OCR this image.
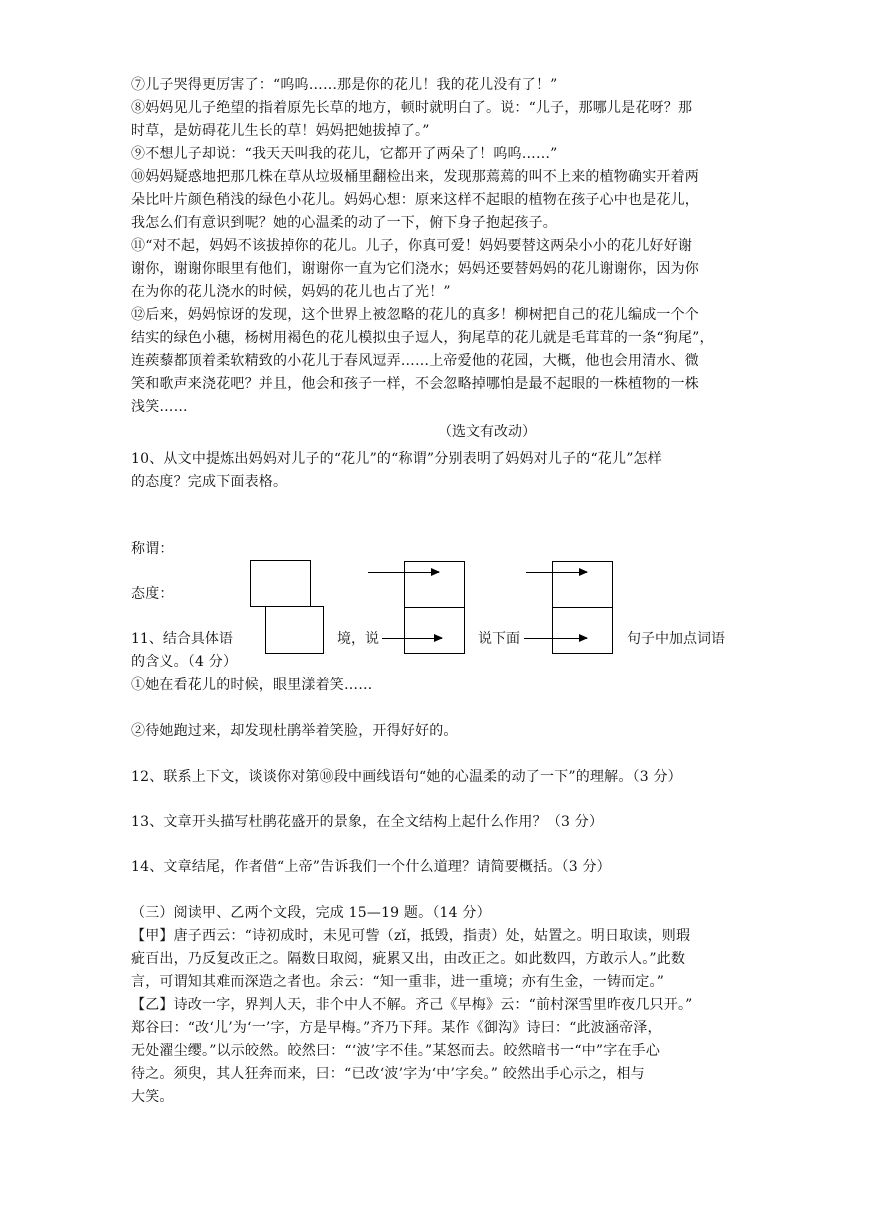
⑦儿子哭得更厉害了：“呜呜……那是你的花儿！我的花儿没有了！”
⑧妈妈见儿子绝望的指着原先长草的地方，顿时就明白了。说：“儿子，那哪儿是花呀？那
时草，是妨碍花儿生长的草！妈妈把她拔掉了。”
⑨不想儿子却说：“我天天叫我的花儿，它都开了两朵了！呜呜……”
⑩妈妈疑惑地把那几株在草从垃圾桶里翻检出来，发现那蔫蔫的叫不上来的植物确实开着两
朵比叶片颜色稍浅的绿色小花儿。妈妈心想：原来这样不起眼的植物在孩子心中也是花儿，
我怎么们有意识到呢？她的心温柔的动了一下，俯下身子抱起孩子。
⑪“对不起，妈妈不该拔掉你的花儿。儿子，你真可爱！妈妈要替这两朵小小的花儿好好谢
谢你，谢谢你眼里有他们，谢谢你一直为它们浇水；妈妈还要替妈妈的花儿谢谢你，因为你
在为你的花儿浇水的时候，妈妈的花儿也占了光！”
⑫后来，妈妈惊讶的发现，这个世界上被忽略的花儿的真多！柳树把自己的花儿编成一个个
结实的绿色小穗，杨树用褐色的花儿模拟虫子逗人，狗尾草的花儿就是毛茸茸的一条“狗尾”，
连蒺藜都顶着柔软精致的小花儿于春风逗弄……上帝爱他的花园，大概，他也会用清水、微
笑和歌声来浇花吧？并且，他会和孩子一样，不会忽略掉哪怕是最不起眼的一株植物的一株
浅笑……
（选文有改动）
10、从文中提炼出妈妈对儿子的“花儿”的“称谓”分别表明了妈妈对儿子的“花儿”怎样
的态度？完成下面表格。
称谓：
态度：
11、结合具体语	境，说	说下面	句子中加点词语
的含义。（4 分）
①她在看花儿的时候，眼里漾着笑……
②待她跑过来，却发现杜鹃举着笑脸，开得好好的。
12、联系上下文，谈谈你对第⑩段中画线语句“她的心温柔的动了一下”的理解。（3 分）
13、文章开头描写杜鹃花盛开的景象，在全文结构上起什么作用？（3 分）
14、文章结尾，作者借“上帝”告诉我们一个什么道理？请简要概括。（3 分）
（三）阅读甲、乙两个文段，完成 15—19 题。（14 分）
【甲】唐子西云：“诗初成时，未见可訾（zǐ，抵毁，指责）处，姑置之。明日取读，则瑕
疵百出，乃反复改正之。隔数日取阅，疵累又出，由改正之。如此数四，方敢示人。”此数
言，可谓知其难而深造之者也。余云：“知一重非，进一重境；亦有生金，一铸而定。”
【乙】诗改一字，界判人天，非个中人不解。齐己《早梅》云：“前村深雪里昨夜几只开。”
郑谷曰：“改‘儿’为‘一’字，方是早梅。”齐乃下拜。某作《御沟》诗曰：“此波涵帝泽，
无处濯尘缨。”以示皎然。皎然曰：“‘波’字不佳。”某怒而去。皎然暗书一“中”字在手心
待之。须臾，其人狂奔而来，曰：“已改‘波’字为‘中’字矣。” 皎然出手心示之，相与
大笑。
